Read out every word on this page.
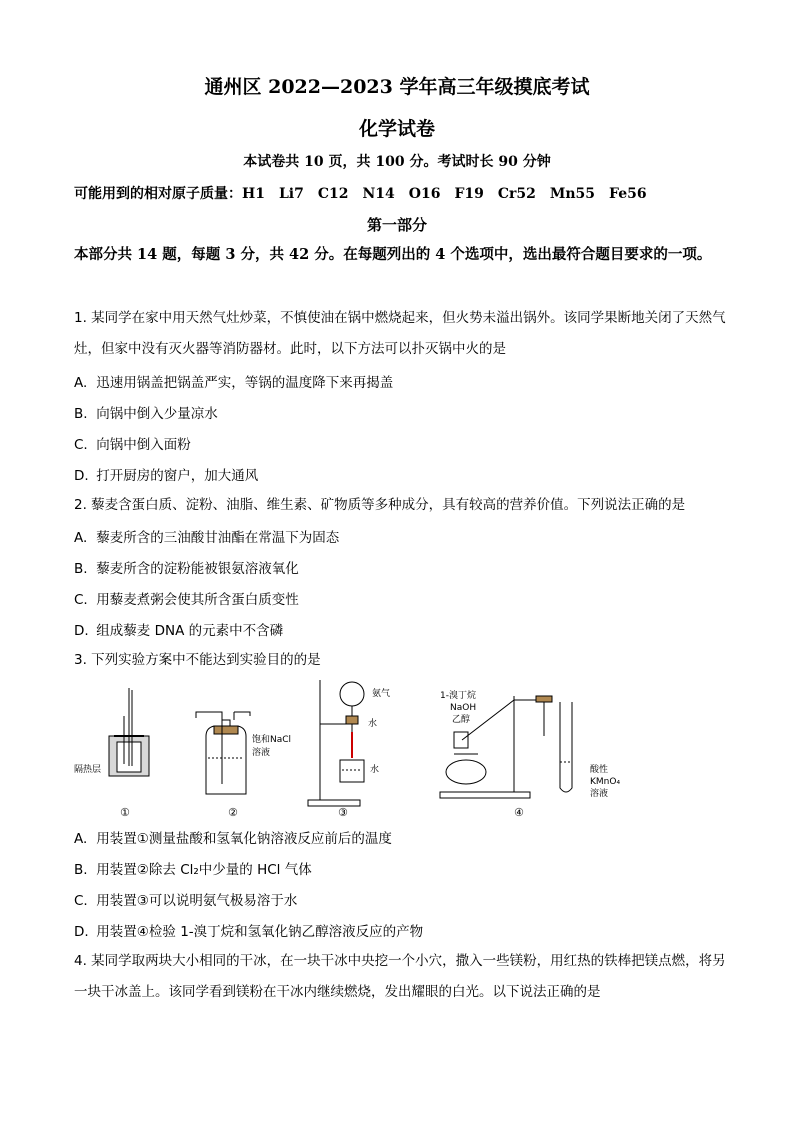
通州区 2022—2023 学年高三年级摸底考试
化学试卷
本试卷共 10 页，共 100 分。考试时长 90 分钟
可能用到的相对原子质量：H1　Li7　C12　N14　O16　F19　Cr52　Mn55　Fe56
第一部分
本部分共 14 题，每题 3 分，共 42 分。在每题列出的 4 个选项中，选出最符合题目要求的一项。
1. 某同学在家中用天然气灶炒菜，不慎使油在锅中燃烧起来，但火势未溢出锅外。该同学果断地关闭了天然气灶，但家中没有灭火器等消防器材。此时，以下方法可以扑灭锅中火的是
A. 迅速用锅盖把锅盖严实，等锅的温度降下来再揭盖
B. 向锅中倒入少量凉水
C. 向锅中倒入面粉
D. 打开厨房的窗户，加大通风
2. 藜麦含蛋白质、淀粉、油脂、维生素、矿物质等多种成分，具有较高的营养价值。下列说法正确的是
A. 藜麦所含的三油酸甘油酯在常温下为固态
B. 藜麦所含的淀粉能被银氨溶液氧化
C. 用藜麦煮粥会使其所含蛋白质变性
D. 组成藜麦 DNA 的元素中不含磷
3. 下列实验方案中不能达到实验目的的是
隔热层
饱和NaCl
溶液
氨气
水
水
1-溴丁烷
NaOH
乙醇
酸性
KMnO₄
溶液
①	②	③	④
A. 用装置①测量盐酸和氢氧化钠溶液反应前后的温度
B. 用装置②除去 Cl₂中少量的 HCl 气体
C. 用装置③可以说明氨气极易溶于水
D. 用装置④检验 1-溴丁烷和氢氧化钠乙醇溶液反应的产物
4. 某同学取两块大小相同的干冰，在一块干冰中央挖一个小穴，撒入一些镁粉，用红热的铁棒把镁点燃，将另一块干冰盖上。该同学看到镁粉在干冰内继续燃烧，发出耀眼的白光。以下说法正确的是
